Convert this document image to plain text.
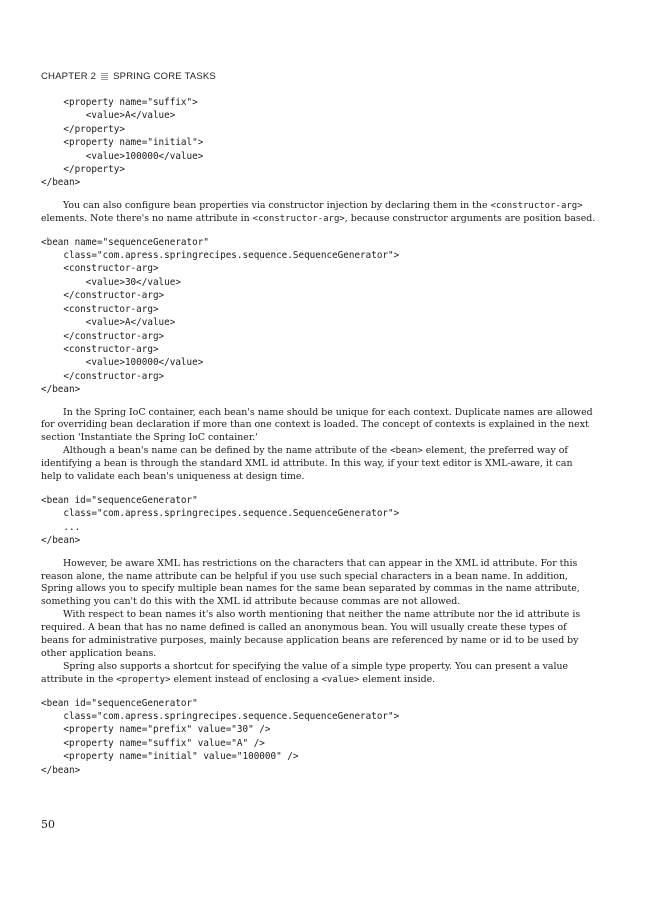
CHAPTER 2 SPRING CORE TASKS
<property name="suffix">
<value>A</value>
</property>
<property name="initial">
<value>100000</value>
</property>
</bean>

You can also configure bean properties via constructor injection by declaring them in the <constructor-arg> elements. Note there's no name attribute in <constructor-arg>, because constructor arguments are position based.

<bean name="sequenceGenerator"
class="com.apress.springrecipes.sequence.SequenceGenerator">
<constructor-arg>
<value>30</value>
</constructor-arg>
<constructor-arg>
<value>A</value>
</constructor-arg>
<constructor-arg>
<value>100000</value>
</constructor-arg>
</bean>

In the Spring IoC container, each bean's name should be unique for each context. Duplicate names are allowed for overriding bean declaration if more than one context is loaded. The concept of contexts is explained in the next section 'Instantiate the Spring IoC container.'

Although a bean's name can be defined by the name attribute of the <bean> element, the preferred way of identifying a bean is through the standard XML id attribute. In this way, if your text editor is XML-aware, it can help to validate each bean's uniqueness at design time.

<bean id="sequenceGenerator"
class="com.apress.springrecipes.sequence.SequenceGenerator">
...
</bean>

However, be aware XML has restrictions on the characters that can appear in the XML id attribute. For this reason alone, the name attribute can be helpful if you use such special characters in a bean name. In addition, Spring allows you to specify multiple bean names for the same bean separated by commas in the name attribute, something you can't do this with the XML id attribute because commas are not allowed.

With respect to bean names it's also worth mentioning that neither the name attribute nor the id attribute is required. A bean that has no name defined is called an anonymous bean. You will usually create these types of beans for administrative purposes, mainly because application beans are referenced by name or id to be used by other application beans.

Spring also supports a shortcut for specifying the value of a simple type property. You can present a value attribute in the <property> element instead of enclosing a <value> element inside.

<bean id="sequenceGenerator"
class="com.apress.springrecipes.sequence.SequenceGenerator">
<property name="prefix" value="30" />
<property name="suffix" value="A" />
<property name="initial" value="100000" />
</bean>
50
